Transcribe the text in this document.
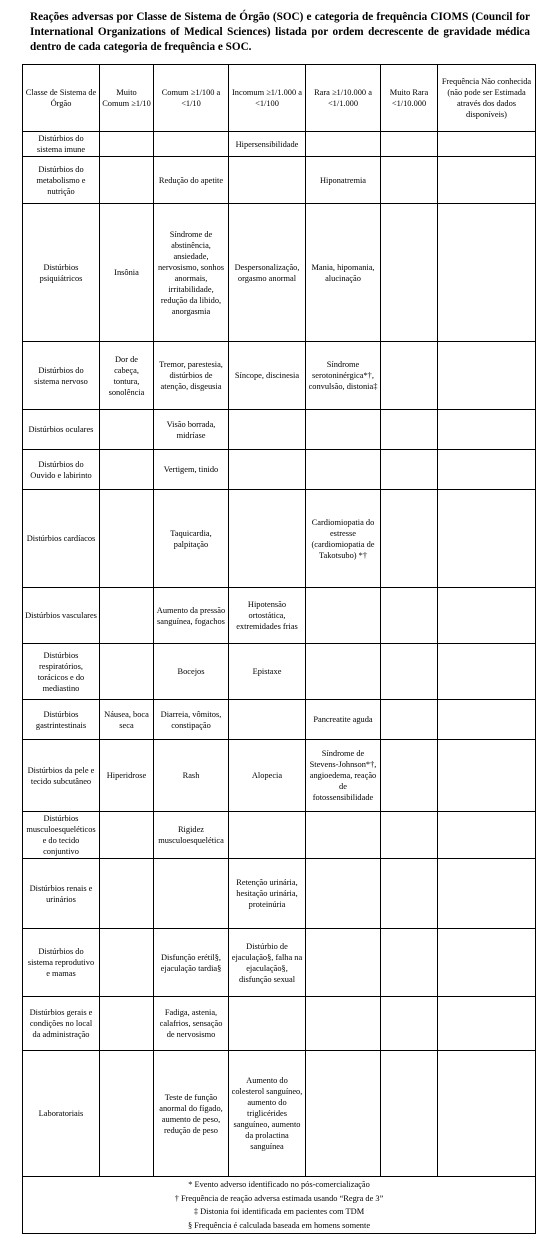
Reações adversas por Classe de Sistema de Órgão (SOC) e categoria de frequência CIOMS (Council for International Organizations of Medical Sciences) listada por ordem decrescente de gravidade médica dentro de cada categoria de frequência e SOC.
Classe de Sistema de Órgão	Muito Comum ≥1/10	Comum ≥1/100 a <1/10	Incomum ≥1/1.000 a <1/100	Rara ≥1/10.000 a <1/1.000	Muito Rara <1/10.000	Frequência Não conhecida (não pode ser Estimada através dos dados disponíveis)
Distúrbios do sistema imune			Hipersensibilidade			
Distúrbios do metabolismo e nutrição		Redução do apetite		Hiponatremia		
Distúrbios psiquiátricos	Insônia	Síndrome de abstinência, ansiedade, nervosismo, sonhos anormais, irritabilidade, redução da libido, anorgasmia	Despersonalização, orgasmo anormal	Mania, hipomania, alucinação		
Distúrbios do sistema nervoso	Dor de cabeça, tontura, sonolência	Tremor, parestesia, distúrbios de atenção, disgeusia	Síncope, discinesia	Síndrome serotoninérgica*†, convulsão, distonia‡		
Distúrbios oculares		Visão borrada, midríase				
Distúrbios do Ouvido e labirinto		Vertigem, tinido				
Distúrbios cardíacos		Taquicardia, palpitação		Cardiomiopatia do estresse (cardiomiopatia de Takotsubo) *†		
Distúrbios vasculares		Aumento da pressão sanguínea, fogachos	Hipotensão ortostática, extremidades frias			
Distúrbios respiratórios, torácicos e do mediastino		Bocejos	Epistaxe			
Distúrbios gastrintestinais	Náusea, boca seca	Diarreia, vômitos, constipação		Pancreatite aguda		
Distúrbios da pele e tecido subcutâneo	Hiperidrose	Rash	Alopecia	Síndrome de Stevens-Johnson*†, angioedema, reação de fotossensibilidade		
Distúrbios musculoesqueléticos e do tecido conjuntivo		Rigidez musculoesquelética				
Distúrbios renais e urinários			Retenção urinária, hesitação urinária, proteinúria			
Distúrbios do sistema reprodutivo e mamas		Disfunção erétil§, ejaculação tardia§	Distúrbio de ejaculação§, falha na ejaculação§, disfunção sexual			
Distúrbios gerais e condições no local da administração		Fadiga, astenia, calafrios, sensação de nervosismo				
Laboratoriais		Teste de função anormal do fígado, aumento de peso, redução de peso	Aumento do colesterol sanguíneo, aumento do triglicérides sanguíneo, aumento da prolactina sanguínea			

* Evento adverso identificado no pós-comercialização
† Frequência de reação adversa estimada usando “Regra de 3”
‡ Distonia foi identificada em pacientes com TDM
§ Frequência é calculada baseada em homens somente						
